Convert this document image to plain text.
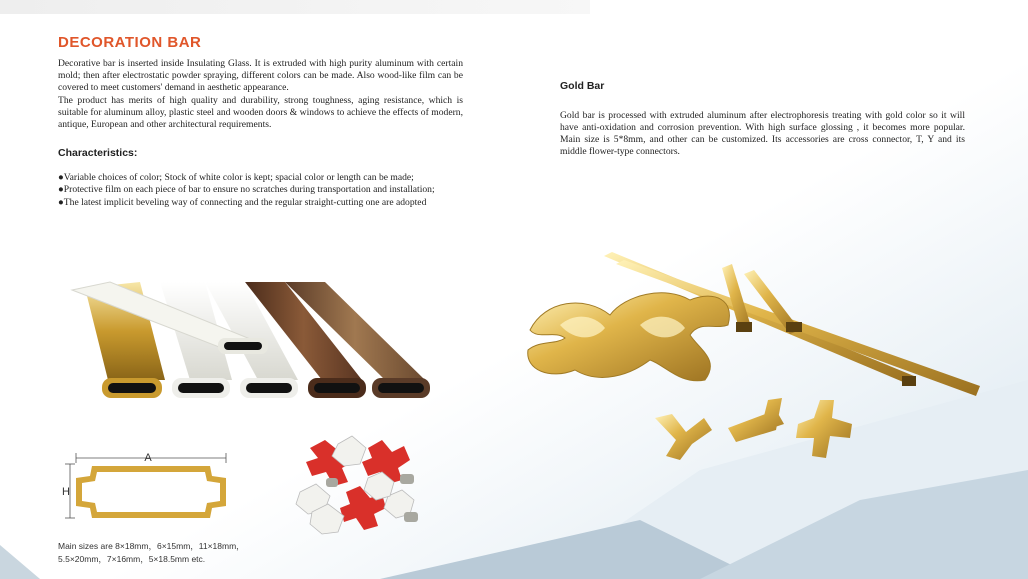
DECORATION BAR

Decorative bar is inserted inside Insulating Glass. It is extruded with high purity aluminum with certain mold; then after electrostatic powder spraying, different colors can be made. Also wood-like film can be covered to meet customers' demand in aesthetic appearance.

The product has merits of high quality and durability, strong toughness, aging resistance, which is suitable for aluminum alloy, plastic steel and wooden doors & windows to achieve the effects of modern, antique, European and other architectural requirements.

Characteristics:
●Variable choices of color; Stock of white color is kept; spacial color or length can be made;
●Protective film on each piece of bar to ensure no scratches during transportation and installation;
●The latest implicit beveling way of connecting and the regular straight-cutting one are adopted
Gold Bar

Gold bar is processed with extruded aluminum after electrophoresis treating with gold color so it will have anti-oxidation and corrosion prevention. With high surface glossing , it becomes more popular. Main size is 5*8mm, and other can be customized. Its accessories are cross connector, T, Y and its middle flower-type connectors.

A
H
Main sizes are 8×18mm，6×15mm，11×18mm，
5.5×20mm，7×16mm，5×18.5mm etc.
